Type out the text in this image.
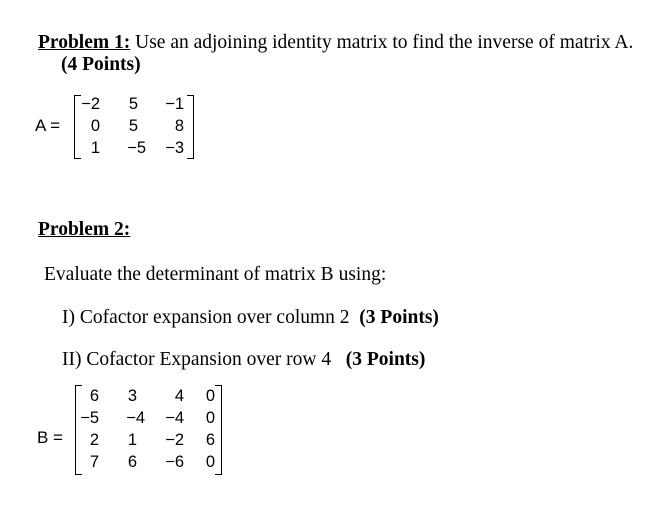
Problem 1: Use an adjoining identity matrix to find the inverse of matrix A.
(4 Points)
A =
−2	5	−1
0	5	8
1	−5	−3
Problem 2:
Evaluate the determinant of matrix B using:
I) Cofactor expansion over column 2 (3 Points)
II) Cofactor Expansion over row 4 (3 Points)
B =
6	3	4	0
−5	−4	−4	0
2	1	−2	6
7	6	−6	0
